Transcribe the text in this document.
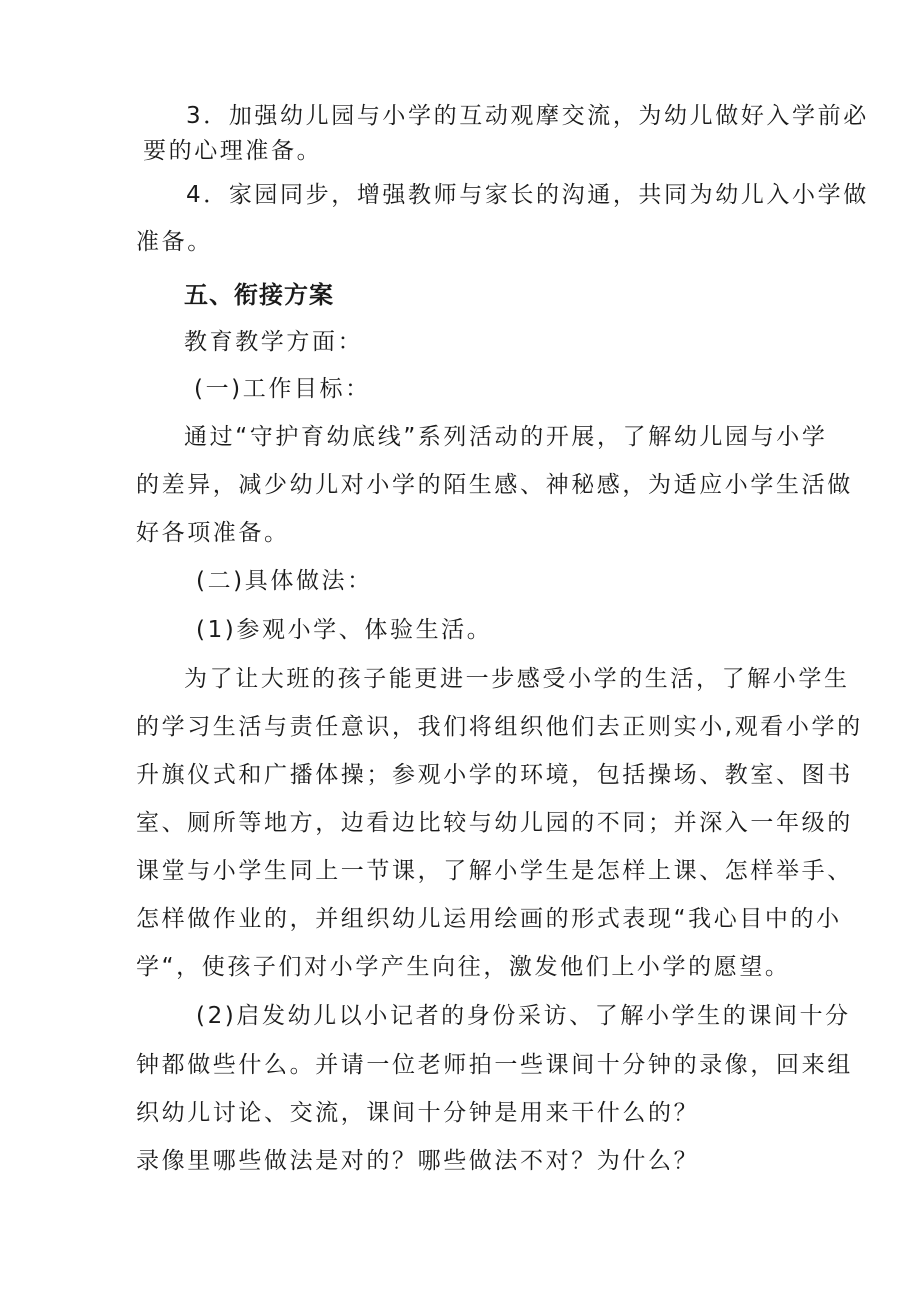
3．加强幼儿园与小学的互动观摩交流，为幼儿做好入学前必
要的心理准备。
4．家园同步，增强教师与家长的沟通，共同为幼儿入小学做
准备。
五、衔接方案
教育教学方面：
(一)工作目标：
通过“守护育幼底线”系列活动的开展，了解幼儿园与小学
的差异，减少幼儿对小学的陌生感、神秘感，为适应小学生活做
好各项准备。
(二)具体做法：
(1)参观小学、体验生活。
为了让大班的孩子能更进一步感受小学的生活，了解小学生
的学习生活与责任意识，我们将组织他们去正则实小,观看小学的
升旗仪式和广播体操；参观小学的环境，包括操场、教室、图书
室、厕所等地方，边看边比较与幼儿园的不同；并深入一年级的
课堂与小学生同上一节课，了解小学生是怎样上课、怎样举手、
怎样做作业的，并组织幼儿运用绘画的形式表现“我心目中的小
学“，使孩子们对小学产生向往，激发他们上小学的愿望。
(2)启发幼儿以小记者的身份采访、了解小学生的课间十分
钟都做些什么。并请一位老师拍一些课间十分钟的录像，回来组
织幼儿讨论、交流，课间十分钟是用来干什么的？
录像里哪些做法是对的？哪些做法不对？为什么？
